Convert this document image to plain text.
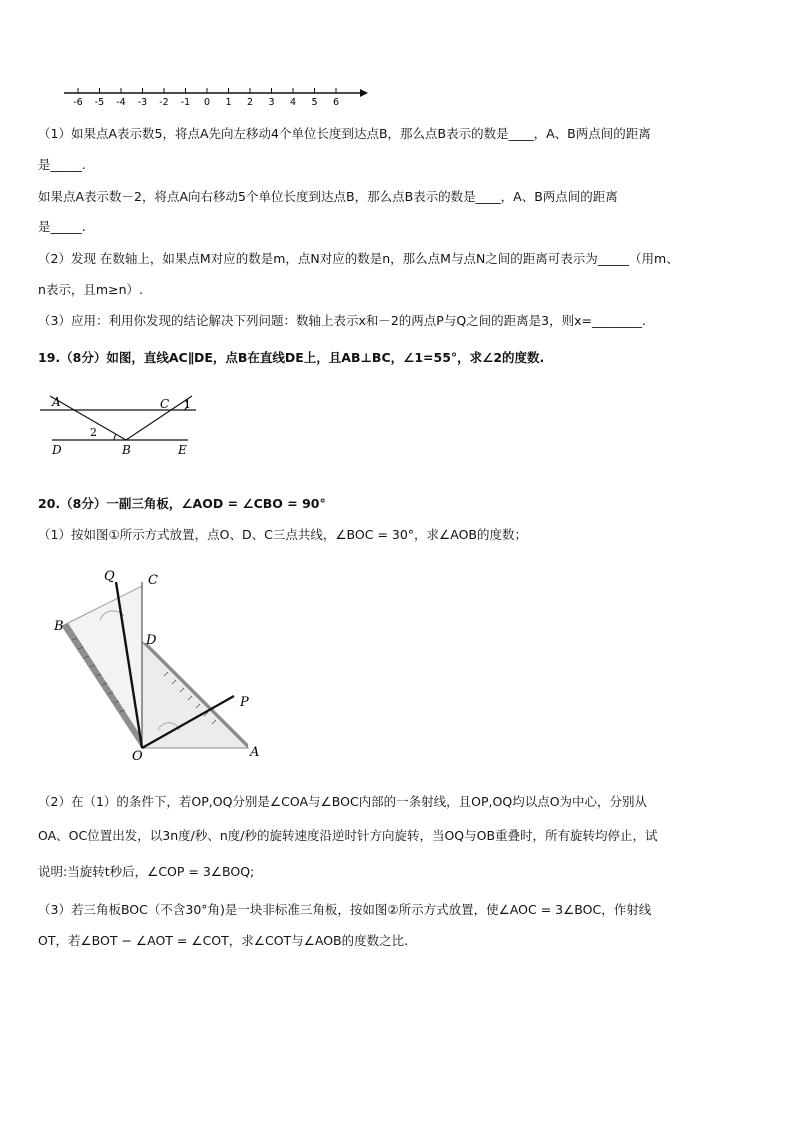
-6 -5 -4 -3 -2 -1 0 1 2 3 4 5 6
（1）如果点A表示数5，将点A先向左移动4个单位长度到达点B，那么点B表示的数是____，A、B两点间的距离
是_____.
如果点A表示数－2，将点A向右移动5个单位长度到达点B，那么点B表示的数是____，A、B两点间的距离
是_____.
（2）发现 在数轴上，如果点M对应的数是m，点N对应的数是n，那么点M与点N之间的距离可表示为_____（用m、
n表示，且m≥n）.
（3）应用：利用你发现的结论解决下列问题：数轴上表示x和－2的两点P与Q之间的距离是3，则x=________.
19.（8分）如图，直线AC∥DE，点B在直线DE上，且AB⊥BC，∠1=55°，求∠2的度数.
A	C 1
2
D	B	E
20.（8分）一副三角板，∠AOD = ∠CBO = 90°
（1）按如图①所示方式放置，点O、D、C三点共线，∠BOC = 30°，求∠AOB的度数；
Q	C
B
D
P
O	A
（2）在（1）的条件下，若OP,OQ分别是∠COA与∠BOC内部的一条射线，且OP,OQ均以点O为中心，分别从
OA、OC位置出发，以3n度/秒、n度/秒的旋转速度沿逆时针方向旋转，当OQ与OB重叠时，所有旋转均停止，试
说明:当旋转t秒后，∠COP = 3∠BOQ;
（3）若三角板BOC（不含30°角)是一块非标准三角板，按如图②所示方式放置，使∠AOC = 3∠BOC，作射线
OT，若∠BOT − ∠AOT = ∠COT，求∠COT与∠AOB的度数之比.
